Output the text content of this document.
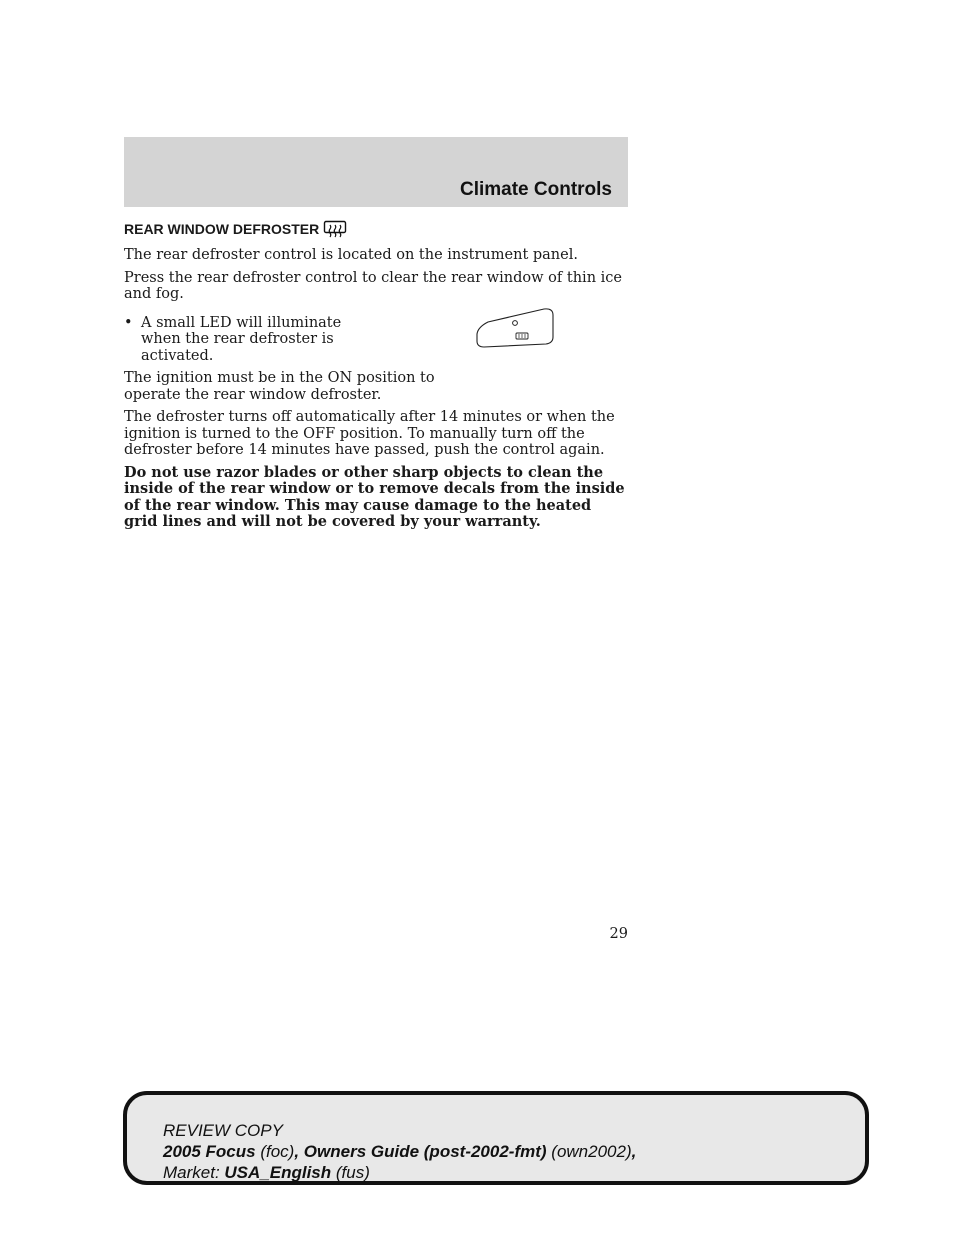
Climate Controls
REAR WINDOW DEFROSTER

The rear defroster control is located on the instrument panel.

Press the rear defroster control to clear the rear window of thin ice and fog.

• A small LED will illuminate when the rear defroster is activated.

The ignition must be in the ON position to operate the rear window defroster.

The defroster turns off automatically after 14 minutes or when the ignition is turned to the OFF position. To manually turn off the defroster before 14 minutes have passed, push the control again.

Do not use razor blades or other sharp objects to clean the inside of the rear window or to remove decals from the inside of the rear window. This may cause damage to the heated grid lines and will not be covered by your warranty.

29
REVIEW COPY
2005 Focus (foc), Owners Guide (post-2002-fmt) (own2002),
Market: USA_English (fus)
